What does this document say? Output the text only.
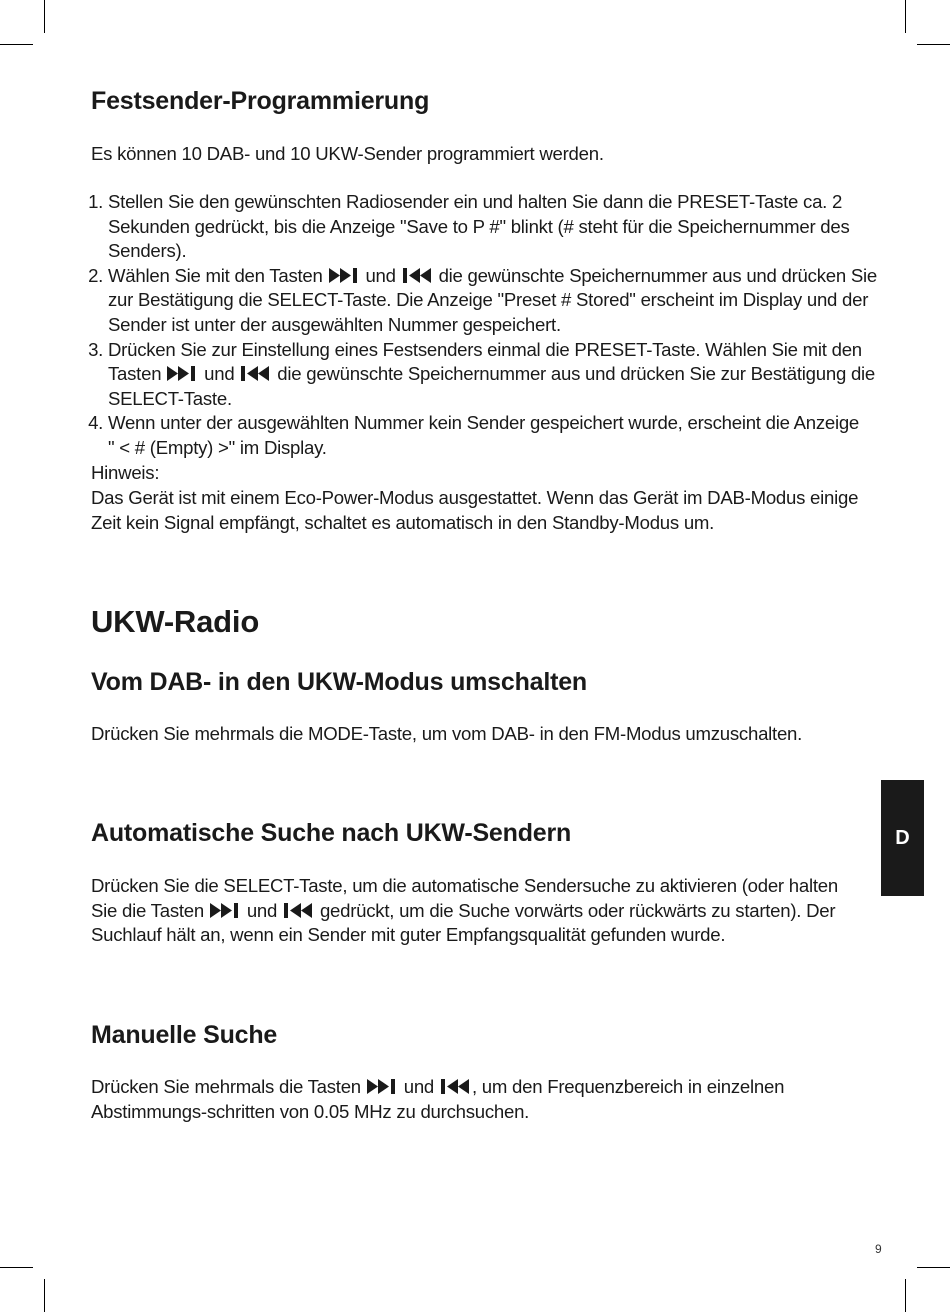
Festsender-Programmierung

Es können 10 DAB- und 10 UKW-Sender programmiert werden.

1. Stellen Sie den gewünschten Radiosender ein und halten Sie dann die PRESET-Taste ca. 2 Sekunden gedrückt, bis die Anzeige "Save to P #" blinkt (# steht für die Speichernummer des Senders).
2. Wählen Sie mit den Tasten und die gewünschte Speichernummer aus und drücken Sie zur Bestätigung die SELECT-Taste. Die Anzeige "Preset # Stored" erscheint im Display und der Sender ist unter der ausgewählten Nummer gespeichert.
3. Drücken Sie zur Einstellung eines Festsenders einmal die PRESET-Taste. Wählen Sie mit den Tasten und die gewünschte Speichernummer aus und drücken Sie zur Bestätigung die SELECT-Taste.
4. Wenn unter der ausgewählten Nummer kein Sender gespeichert wurde, erscheint die Anzeige
" < # (Empty) >" im Display.

Hinweis:

Das Gerät ist mit einem Eco-Power-Modus ausgestattet. Wenn das Gerät im DAB-Modus einige Zeit kein Signal empfängt, schaltet es automatisch in den Standby-Modus um.

UKW-Radio
Vom DAB- in den UKW-Modus umschalten

Drücken Sie mehrmals die MODE-Taste, um vom DAB- in den FM-Modus umzuschalten.

Automatische Suche nach UKW-Sendern

Drücken Sie die SELECT-Taste, um die automatische Sendersuche zu aktivieren (oder halten Sie die Tasten und gedrückt, um die Suche vorwärts oder rückwärts zu starten). Der Suchlauf hält an, wenn ein Sender mit guter Empfangsqualität gefunden wurde.

Manuelle Suche

Drücken Sie mehrmals die Tasten und , um den Frequenzbereich in einzelnen Abstimmungs-schritten von 0.05 MHz zu durchsuchen.

D
9
